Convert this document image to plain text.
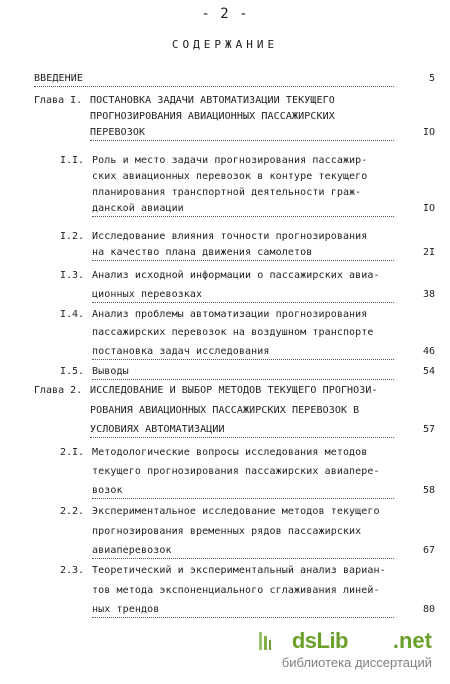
- 2 -
СОДЕРЖАНИЕ
ВВЕДЕНИЕ	5
Глава I. ПОСТАНОВКА ЗАДАЧИ АВТОМАТИЗАЦИИ ТЕКУЩЕГО
ПРОГНОЗИРОВАНИЯ АВИАЦИОННЫХ ПАССАЖИРСКИХ
ПЕРЕВОЗОК	IO
I.I. Роль и место задачи прогнозирования пассажир-
ских авиационных перевозок в контуре текущего
планирования транспортной деятельности граж-
данской авиации	IO
I.2. Исследование влияния точности прогнозирования
на качество плана движения самолетов	2I
I.3. Анализ исходной информации о пассажирских авиа-
ционных перевозках	38
I.4. Анализ проблемы автоматизации прогнозирования
пассажирских перевозок на воздушном транспорте
постановка задач исследования	46
I.5. Выводы	54
Глава 2. ИССЛЕДОВАНИЕ И ВЫБОР МЕТОДОВ ТЕКУЩЕГО ПРОГНОЗИ-
РОВАНИЯ АВИАЦИОННЫХ ПАССАЖИРСКИХ ПЕРЕВОЗОК В
УСЛОВИЯХ АВТОМАТИЗАЦИИ	57
2.I. Методологические вопросы исследования методов
текущего прогнозирования пассажирских авиапере-
возок	58
2.2. Экспериментальное исследование методов текущего
прогнозирования временных рядов пассажирских
авиаперевозок	67
2.3. Теоретический и экспериментальный анализ вариан-
тов метода экспоненциального сглаживания линей-
ных трендов	80
dsLib .net
библиотека диссертаций
